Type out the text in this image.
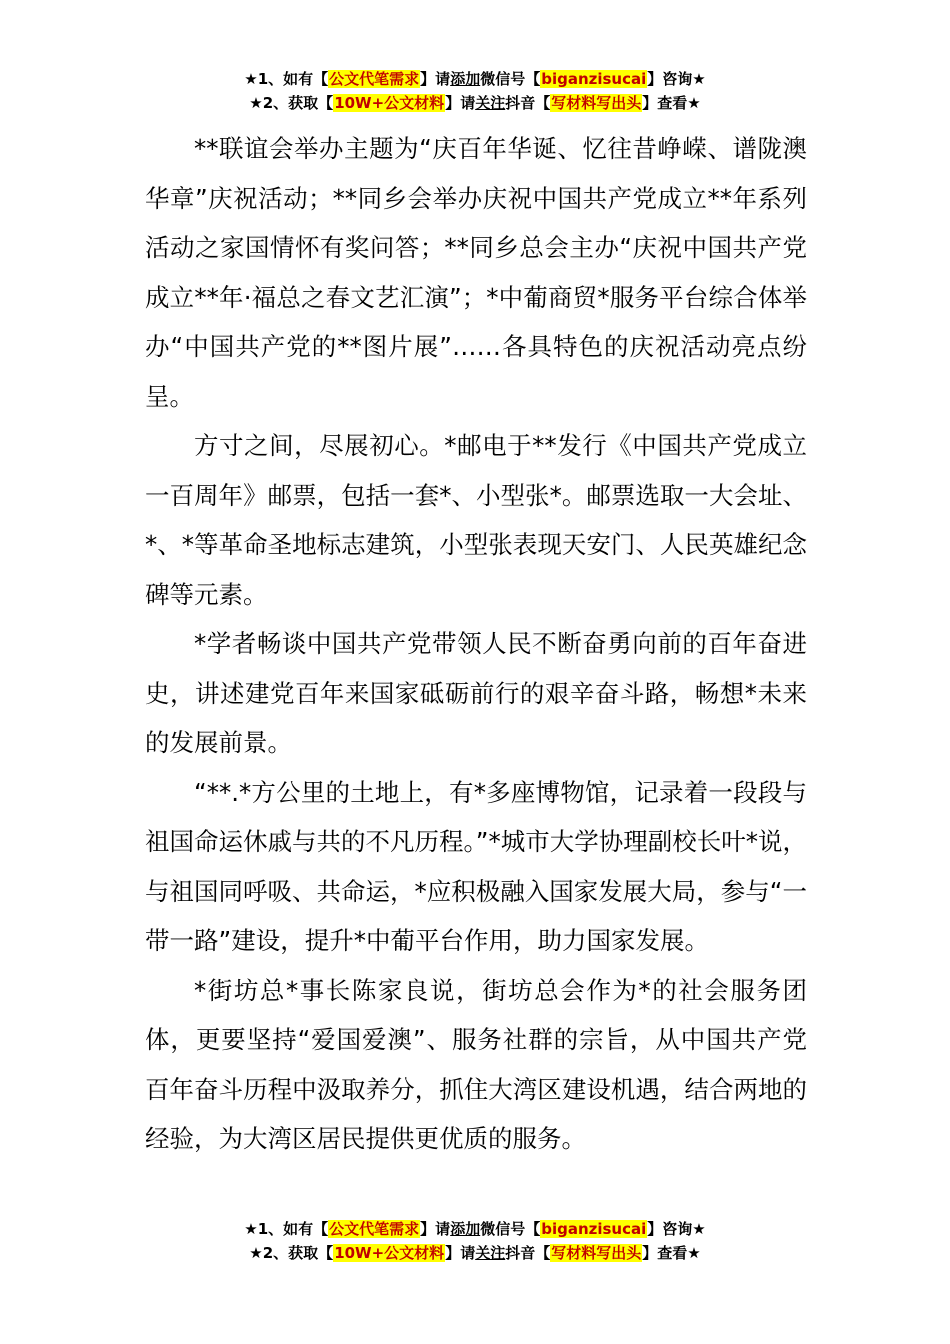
★1、如有【公文代笔需求】请添加微信号【biganzisucai】咨询★
★2、获取【10W+公文材料】请关注抖音【写材料写出头】查看★

**联谊会举办主题为“庆百年华诞、忆往昔峥嵘、谱陇澳华章”庆祝活动；**同乡会举办庆祝中国共产党成立**年系列活动之家国情怀有奖问答；**同乡总会主办“庆祝中国共产党成立**年·福总之春文艺汇演”；*中葡商贸*服务平台综合体举办“中国共产党的**图片展”……各具特色的庆祝活动亮点纷呈。

方寸之间，尽展初心。*邮电于**发行《中国共产党成立一百周年》邮票，包括一套*、小型张*。邮票选取一大会址、*、*等革命圣地标志建筑，小型张表现天安门、人民英雄纪念碑等元素。

*学者畅谈中国共产党带领人民不断奋勇向前的百年奋进史，讲述建党百年来国家砥砺前行的艰辛奋斗路，畅想*未来的发展前景。

“**.*方公里的土地上，有*多座博物馆，记录着一段段与祖国命运休戚与共的不凡历程。”*城市大学协理副校长叶*说，与祖国同呼吸、共命运，*应积极融入国家发展大局，参与“一带一路”建设，提升*中葡平台作用，助力国家发展。

*街坊总*事长陈家良说，街坊总会作为*的社会服务团体，更要坚持“爱国爱澳”、服务社群的宗旨，从中国共产党百年奋斗历程中汲取养分，抓住大湾区建设机遇，结合两地的经验，为大湾区居民提供更优质的服务。

★1、如有【公文代笔需求】请添加微信号【biganzisucai】咨询★
★2、获取【10W+公文材料】请关注抖音【写材料写出头】查看★
